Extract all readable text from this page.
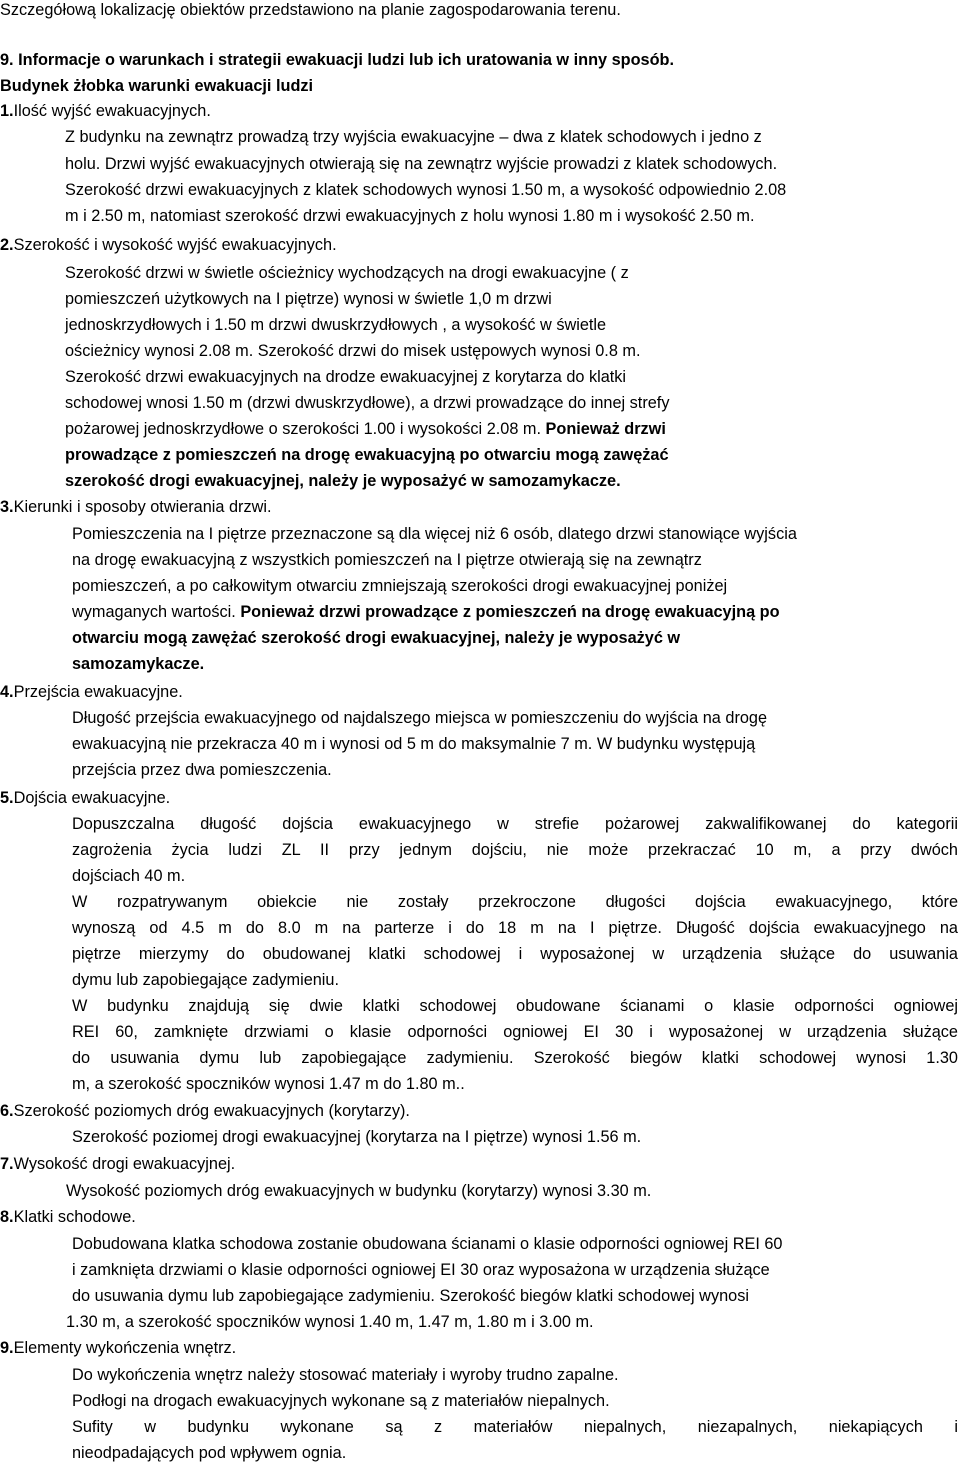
Szczegółową lokalizację obiektów przedstawiono na planie zagospodarowania terenu.
9. Informacje o warunkach i strategii ewakuacji ludzi lub ich uratowania w inny sposób.
Budynek żłobka warunki ewakuacji ludzi
1.Ilość wyjść ewakuacyjnych.
Z budynku na zewnątrz prowadzą trzy wyjścia ewakuacyjne – dwa z klatek schodowych i jedno z
holu. Drzwi wyjść ewakuacyjnych otwierają się na zewnątrz wyjście prowadzi z klatek schodowych.
Szerokość drzwi ewakuacyjnych z klatek schodowych wynosi 1.50 m, a wysokość odpowiednio 2.08
m i 2.50 m, natomiast szerokość drzwi ewakuacyjnych z holu wynosi 1.80 m i wysokość 2.50 m.
2.Szerokość i wysokość wyjść ewakuacyjnych.
Szerokość drzwi w świetle ościeżnicy wychodzących na drogi ewakuacyjne ( z
pomieszczeń użytkowych na I piętrze) wynosi w świetle 1,0 m drzwi
jednoskrzydłowych i 1.50 m drzwi dwuskrzydłowych , a wysokość w świetle
ościeżnicy wynosi 2.08 m. Szerokość drzwi do misek ustępowych wynosi 0.8 m.
Szerokość drzwi ewakuacyjnych na drodze ewakuacyjnej z korytarza do klatki
schodowej wnosi 1.50 m (drzwi dwuskrzydłowe), a drzwi prowadzące do innej strefy
pożarowej jednoskrzydłowe o szerokości 1.00 i wysokości 2.08 m. Ponieważ drzwi
prowadzące z pomieszczeń na drogę ewakuacyjną po otwarciu mogą zawężać
szerokość drogi ewakuacyjnej, należy je wyposażyć w samozamykacze.
3.Kierunki i sposoby otwierania drzwi.
Pomieszczenia na I piętrze przeznaczone są dla więcej niż 6 osób, dlatego drzwi stanowiące wyjścia
na drogę ewakuacyjną z wszystkich pomieszczeń na I piętrze otwierają się na zewnątrz
pomieszczeń, a po całkowitym otwarciu zmniejszają szerokości drogi ewakuacyjnej poniżej
wymaganych wartości. Ponieważ drzwi prowadzące z pomieszczeń na drogę ewakuacyjną po
otwarciu mogą zawężać szerokość drogi ewakuacyjnej, należy je wyposażyć w
samozamykacze.
4.Przejścia ewakuacyjne.
Długość przejścia ewakuacyjnego od najdalszego miejsca w pomieszczeniu do wyjścia na drogę
ewakuacyjną nie przekracza 40 m i wynosi od 5 m do maksymalnie 7 m. W budynku występują
przejścia przez dwa pomieszczenia.
5.Dojścia ewakuacyjne.
Dopuszczalna długość dojścia ewakuacyjnego w strefie pożarowej zakwalifikowanej do kategorii
zagrożenia życia ludzi ZL II przy jednym dojściu, nie może przekraczać 10 m, a przy dwóch
dojściach 40 m.
W rozpatrywanym obiekcie nie zostały przekroczone długości dojścia ewakuacyjnego, które
wynoszą od 4.5 m do 8.0 m na parterze i do 18 m na I piętrze. Długość dojścia ewakuacyjnego na
piętrze mierzymy do obudowanej klatki schodowej i wyposażonej w urządzenia służące do usuwania
dymu lub zapobiegające zadymieniu.
W budynku znajdują się dwie klatki schodowej obudowane ścianami o klasie odporności ogniowej
REI 60, zamknięte drzwiami o klasie odporności ogniowej EI 30 i wyposażonej w urządzenia służące
do usuwania dymu lub zapobiegające zadymieniu. Szerokość biegów klatki schodowej wynosi 1.30
m, a szerokość spoczników wynosi 1.47 m do 1.80 m..
6.Szerokość poziomych dróg ewakuacyjnych (korytarzy).
Szerokość poziomej drogi ewakuacyjnej (korytarza na I piętrze) wynosi 1.56 m.
7.Wysokość drogi ewakuacyjnej.
Wysokość poziomych dróg ewakuacyjnych w budynku (korytarzy) wynosi 3.30 m.
8.Klatki schodowe.
Dobudowana klatka schodowa zostanie obudowana ścianami o klasie odporności ogniowej REI 60
i zamknięta drzwiami o klasie odporności ogniowej EI 30 oraz wyposażona w urządzenia służące
do usuwania dymu lub zapobiegające zadymieniu. Szerokość biegów klatki schodowej wynosi
1.30 m, a szerokość spoczników wynosi 1.40 m, 1.47 m, 1.80 m i 3.00 m.
9.Elementy wykończenia wnętrz.
Do wykończenia wnętrz należy stosować materiały i wyroby trudno zapalne.
Podłogi na drogach ewakuacyjnych wykonane są z materiałów niepalnych.
Sufity w budynku wykonane są z materiałów niepalnych, niezapalnych, niekapiących i
nieodpadających pod wpływem ognia.
